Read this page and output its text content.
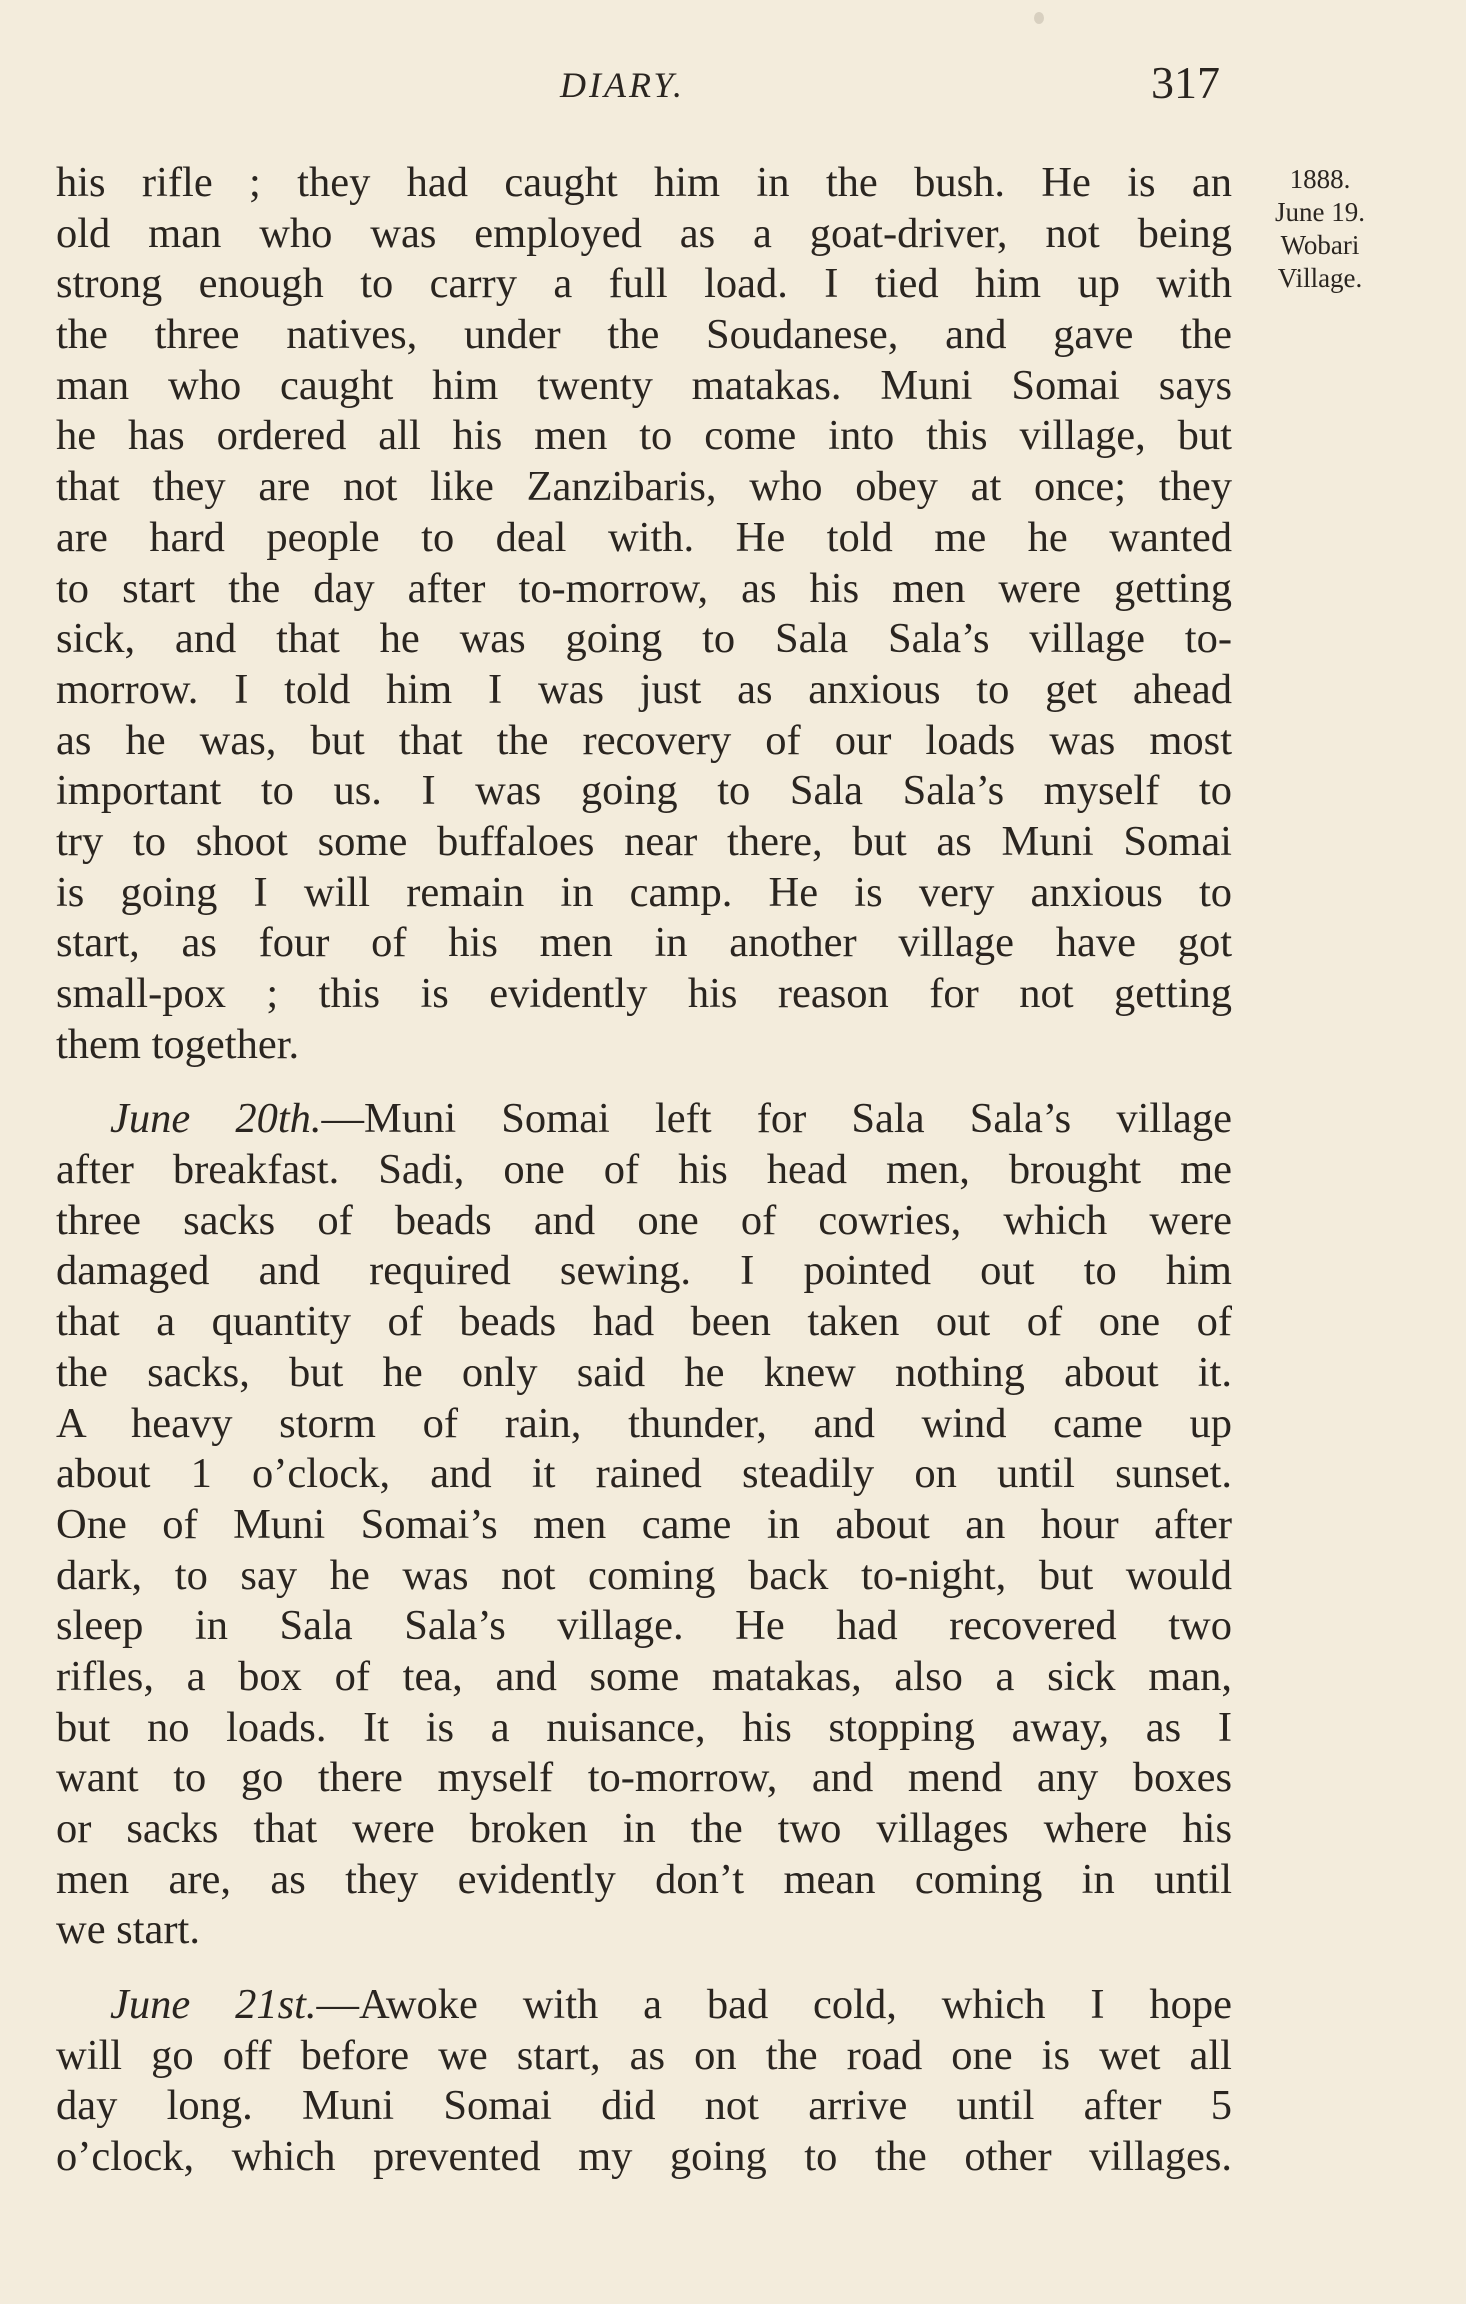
DIARY.	317
1888.
June 19.
Wobari
Village.
his rifle ; they had caught him in the bush. He is an
old man who was employed as a goat-driver, not being
strong enough to carry a full load. I tied him up with
the three natives, under the Soudanese, and gave the
man who caught him twenty matakas. Muni Somai says
he has ordered all his men to come into this village, but
that they are not like Zanzibaris, who obey at once; they
are hard people to deal with. He told me he wanted
to start the day after to-morrow, as his men were getting
sick, and that he was going to Sala Sala’s village to-
morrow. I told him I was just as anxious to get ahead
as he was, but that the recovery of our loads was most
important to us. I was going to Sala Sala’s myself to
try to shoot some buffaloes near there, but as Muni Somai
is going I will remain in camp. He is very anxious to
start, as four of his men in another village have got
small-pox ; this is evidently his reason for not getting
them together.
June 20th.—Muni Somai left for Sala Sala’s village
after breakfast. Sadi, one of his head men, brought me
three sacks of beads and one of cowries, which were
damaged and required sewing. I pointed out to him
that a quantity of beads had been taken out of one of
the sacks, but he only said he knew nothing about it.
A heavy storm of rain, thunder, and wind came up
about 1 o’clock, and it rained steadily on until sunset.
One of Muni Somai’s men came in about an hour after
dark, to say he was not coming back to-night, but would
sleep in Sala Sala’s village. He had recovered two
rifles, a box of tea, and some matakas, also a sick man,
but no loads. It is a nuisance, his stopping away, as I
want to go there myself to-morrow, and mend any boxes
or sacks that were broken in the two villages where his
men are, as they evidently don’t mean coming in until
we start.
June 21st.—Awoke with a bad cold, which I hope
will go off before we start, as on the road one is wet all
day long. Muni Somai did not arrive until after 5
o’clock, which prevented my going to the other villages.
